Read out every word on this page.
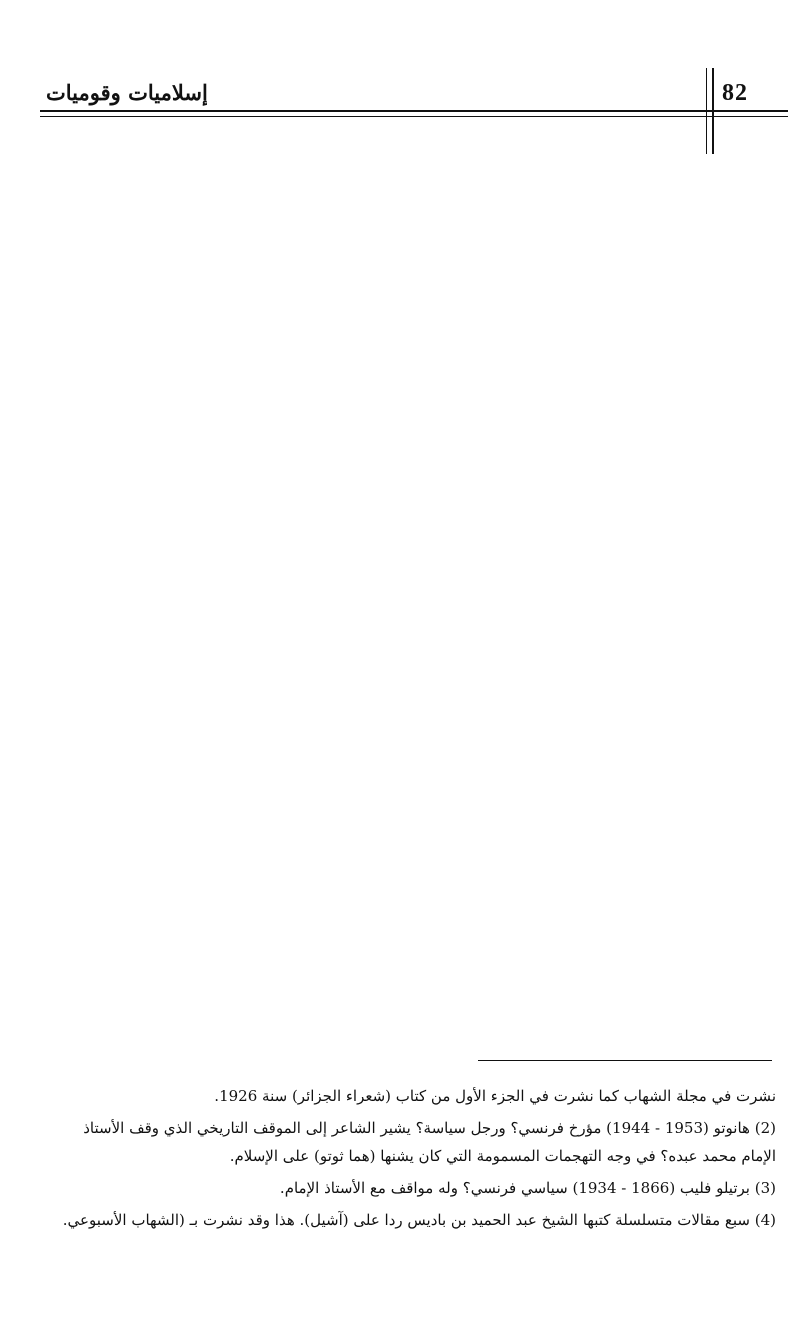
82
إسلاميات وقوميات
نشرت في مجلة الشهاب كما نشرت في الجزء الأول من كتاب (شعراء الجزائر) سنة 1926.
(2) هانوتو (1953 - 1944) مؤرخ فرنسي؟ ورجل سياسة؟ يشير الشاعر إلى الموقف التاريخي الذي وقف الأستاذ الإمام محمد عبده؟ في وجه التهجمات المسمومة التي كان يشنها (هما ثوتو) على الإسلام.
(3) برتيلو فليب (1866 - 1934) سياسي فرنسي؟ وله مواقف مع الأستاذ الإمام.
(4) سبع مقالات متسلسلة كتبها الشيخ عبد الحميد بن باديس ردا على (آشيل). هذا وقد نشرت بـ (الشهاب الأسبوعي.
